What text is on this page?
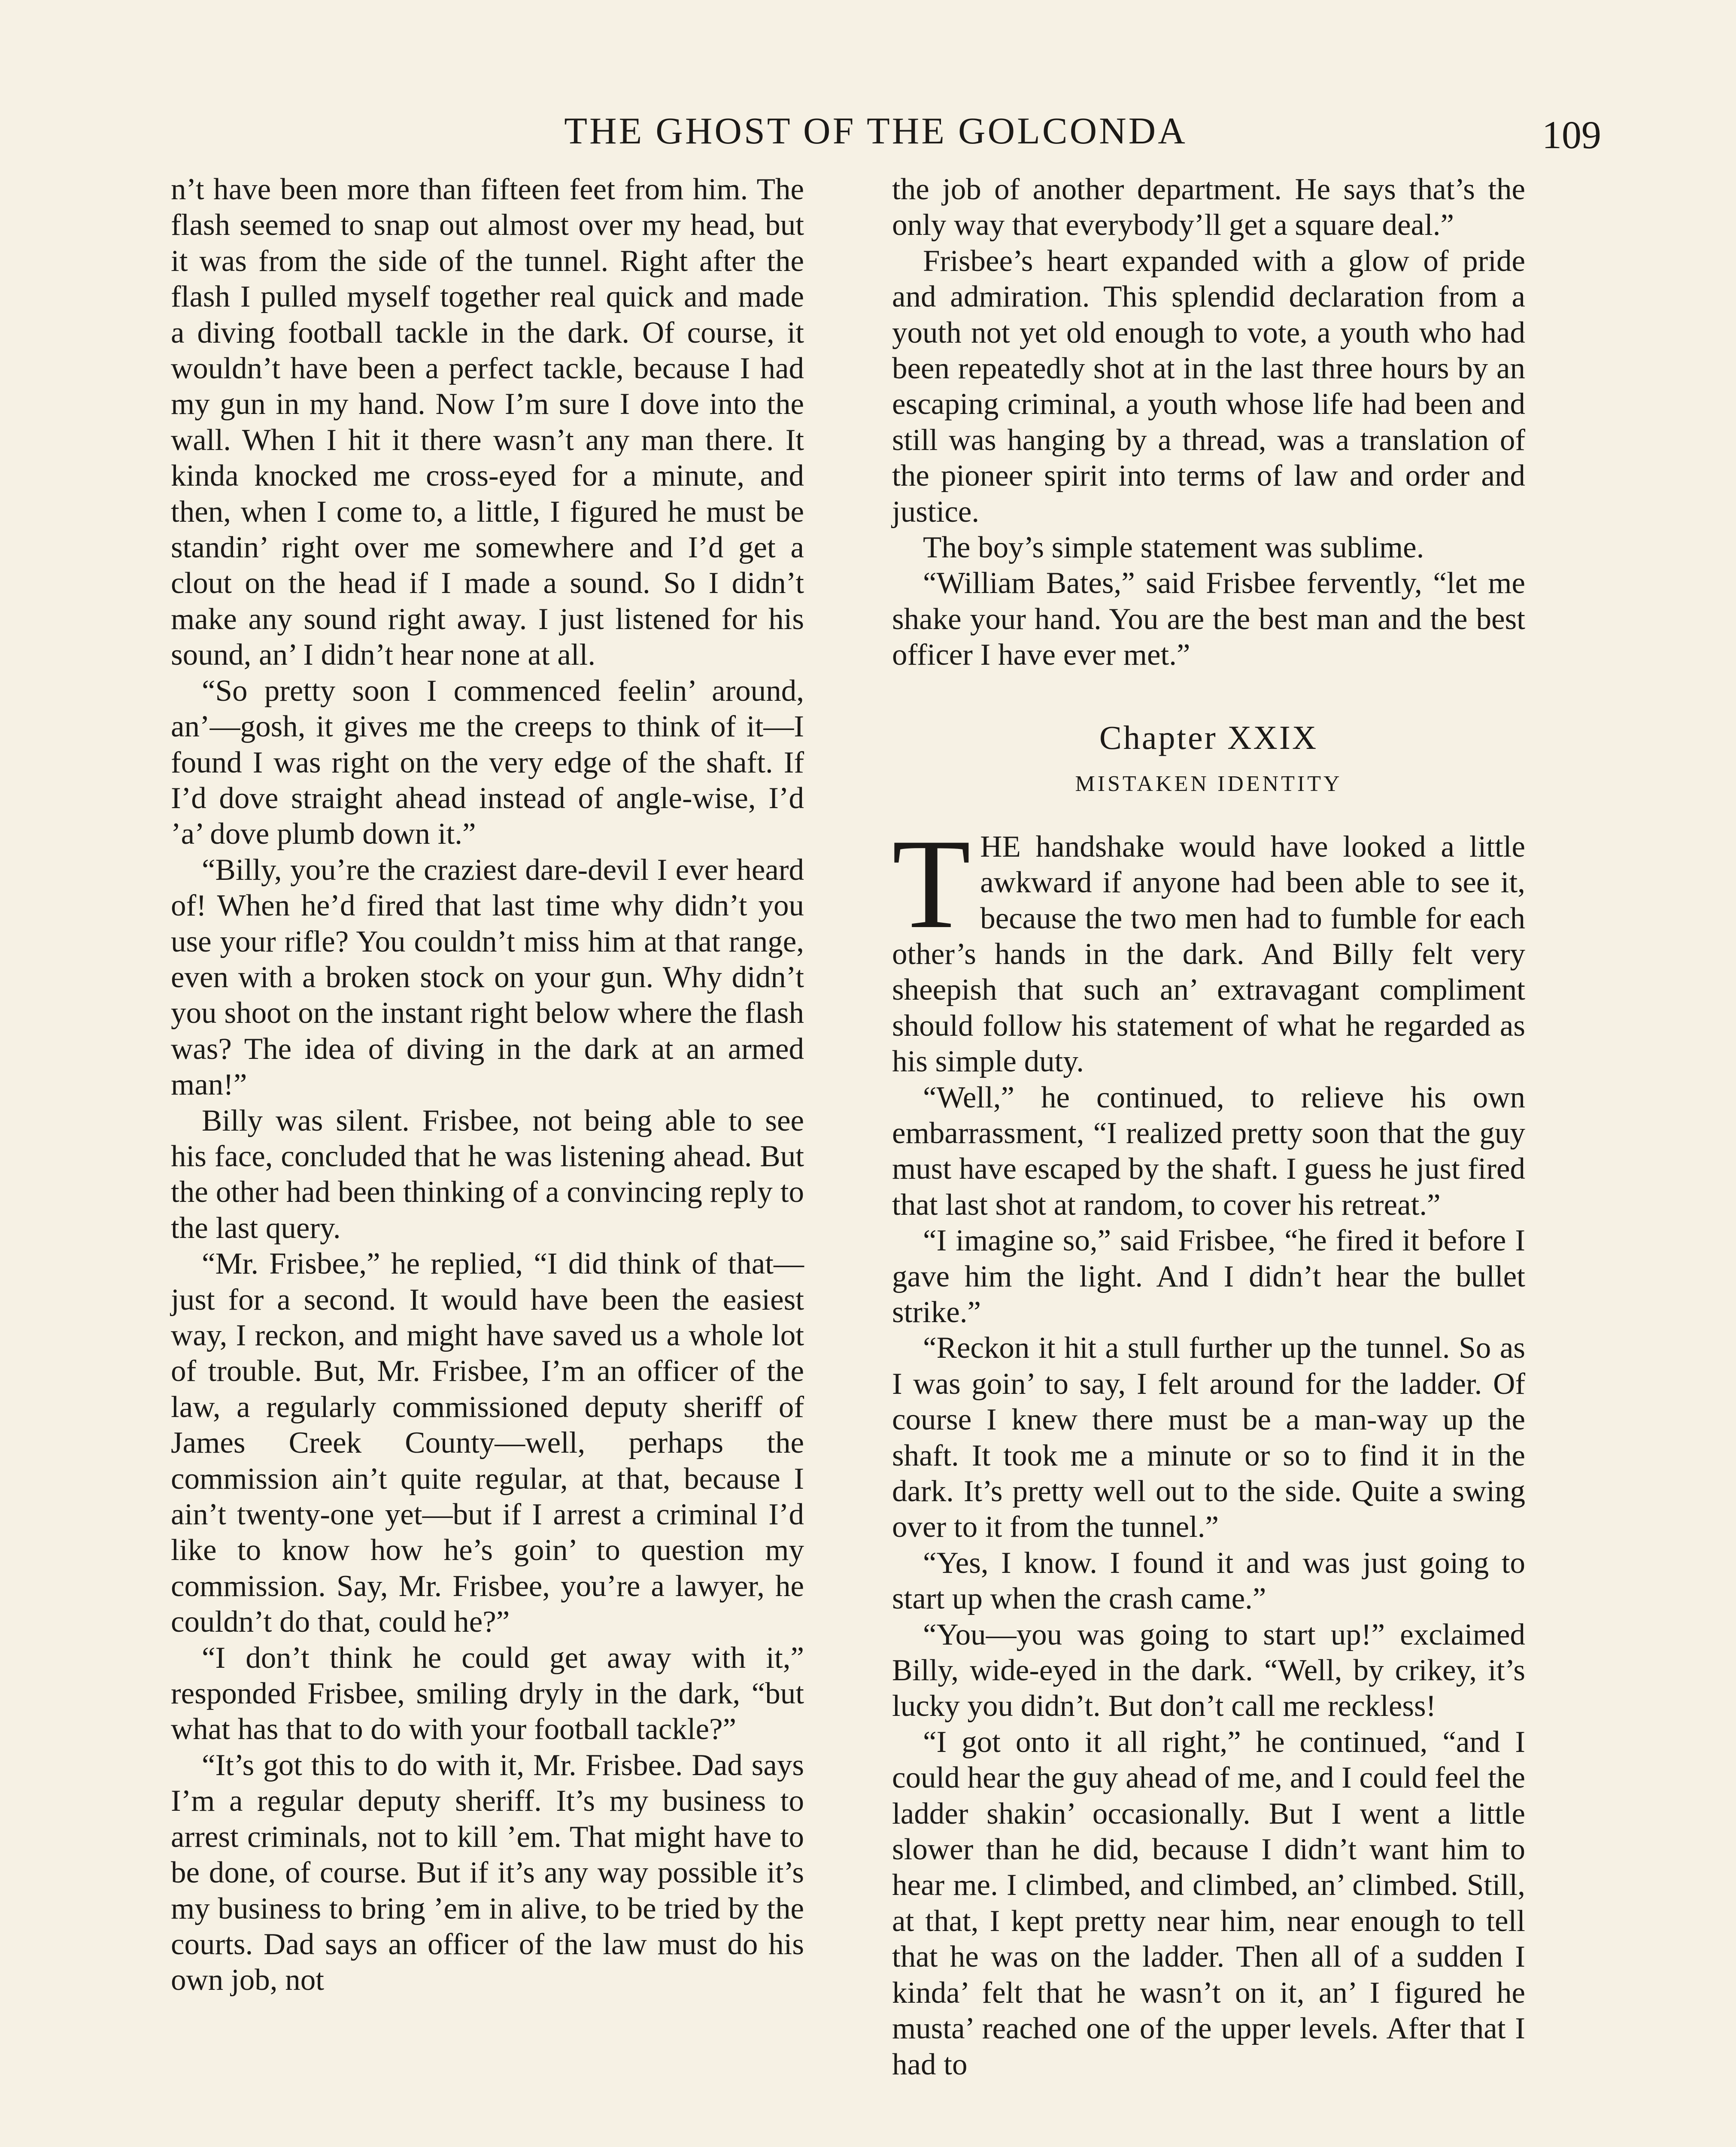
THE GHOST OF THE GOLCONDA	109

n’t have been more than fifteen feet from him. The flash seemed to snap out almost over my head, but it was from the side of the tunnel. Right after the flash I pulled myself together real quick and made a diving football tackle in the dark. Of course, it wouldn’t have been a perfect tackle, because I had my gun in my hand. Now I’m sure I dove into the wall. When I hit it there wasn’t any man there. It kinda knocked me cross-eyed for a minute, and then, when I come to, a little, I figured he must be standin’ right over me somewhere and I’d get a clout on the head if I made a sound. So I didn’t make any sound right away. I just listened for his sound, an’ I didn’t hear none at all.

“So pretty soon I commenced feelin’ around, an’—gosh, it gives me the creeps to think of it—I found I was right on the very edge of the shaft. If I’d dove straight ahead instead of angle-wise, I’d ’a’ dove plumb down it.”

“Billy, you’re the craziest dare-devil I ever heard of! When he’d fired that last time why didn’t you use your rifle? You couldn’t miss him at that range, even with a broken stock on your gun. Why didn’t you shoot on the instant right below where the flash was? The idea of diving in the dark at an armed man!”

Billy was silent. Frisbee, not being able to see his face, concluded that he was listening ahead. But the other had been thinking of a convincing reply to the last query.

“Mr. Frisbee,” he replied, “I did think of that—just for a second. It would have been the easiest way, I reckon, and might have saved us a whole lot of trouble. But, Mr. Frisbee, I’m an officer of the law, a regularly commissioned deputy sheriff of James Creek County—well, perhaps the commission ain’t quite regular, at that, because I ain’t twenty-one yet—but if I arrest a criminal I’d like to know how he’s goin’ to question my commission. Say, Mr. Frisbee, you’re a lawyer, he couldn’t do that, could he?”

“I don’t think he could get away with it,” responded Frisbee, smiling dryly in the dark, “but what has that to do with your football tackle?”

“It’s got this to do with it, Mr. Frisbee. Dad says I’m a regular deputy sheriff. It’s my business to arrest criminals, not to kill ’em. That might have to be done, of course. But if it’s any way possible it’s my business to bring ’em in alive, to be tried by the courts. Dad says an officer of the law must do his own job, not

the job of another department. He says that’s the only way that everybody’ll get a square deal.”

Frisbee’s heart expanded with a glow of pride and admiration. This splendid declaration from a youth not yet old enough to vote, a youth who had been repeatedly shot at in the last three hours by an escaping criminal, a youth whose life had been and still was hanging by a thread, was a translation of the pioneer spirit into terms of law and order and justice.

The boy’s simple statement was sublime.

“William Bates,” said Frisbee fervently, “let me shake your hand. You are the best man and the best officer I have ever met.”

Chapter XXIX
MISTAKEN IDENTITY

THE handshake would have looked a little awkward if anyone had been able to see it, because the two men had to fumble for each other’s hands in the dark. And Billy felt very sheepish that such an’ extravagant compliment should follow his statement of what he regarded as his simple duty.

“Well,” he continued, to relieve his own embarrassment, “I realized pretty soon that the guy must have escaped by the shaft. I guess he just fired that last shot at random, to cover his retreat.”

“I imagine so,” said Frisbee, “he fired it before I gave him the light. And I didn’t hear the bullet strike.”

“Reckon it hit a stull further up the tunnel. So as I was goin’ to say, I felt around for the ladder. Of course I knew there must be a man-way up the shaft. It took me a minute or so to find it in the dark. It’s pretty well out to the side. Quite a swing over to it from the tunnel.”

“Yes, I know. I found it and was just going to start up when the crash came.”

“You—you was going to start up!” exclaimed Billy, wide-eyed in the dark. “Well, by crikey, it’s lucky you didn’t. But don’t call me reckless!

“I got onto it all right,” he continued, “and I could hear the guy ahead of me, and I could feel the ladder shakin’ occasionally. But I went a little slower than he did, because I didn’t want him to hear me. I climbed, and climbed, an’ climbed. Still, at that, I kept pretty near him, near enough to tell that he was on the ladder. Then all of a sudden I kinda’ felt that he wasn’t on it, an’ I figured he musta’ reached one of the upper levels. After that I had to
